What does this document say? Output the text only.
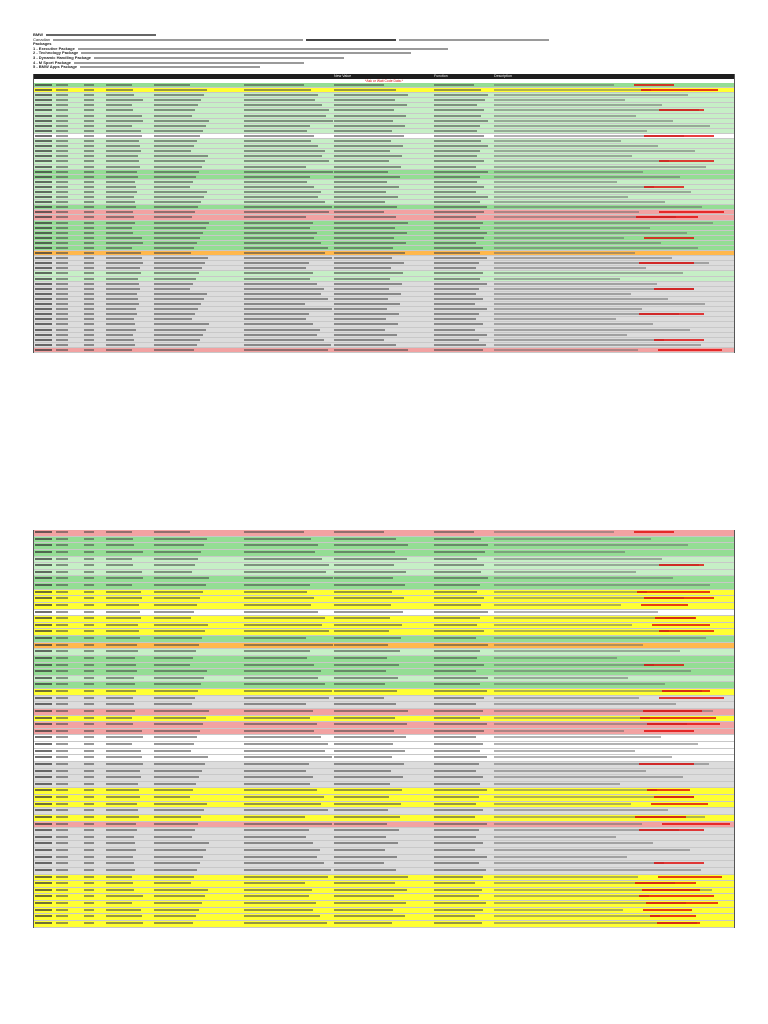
BMW
Canadian
Packages
1 - Executive Package
2 - Technology Package
3 - Dynamic Handling Package
4 - M Sport Package
5 - BMW Apps Package
New Value	Function	Description
*Ask or Wait Code Data.*
